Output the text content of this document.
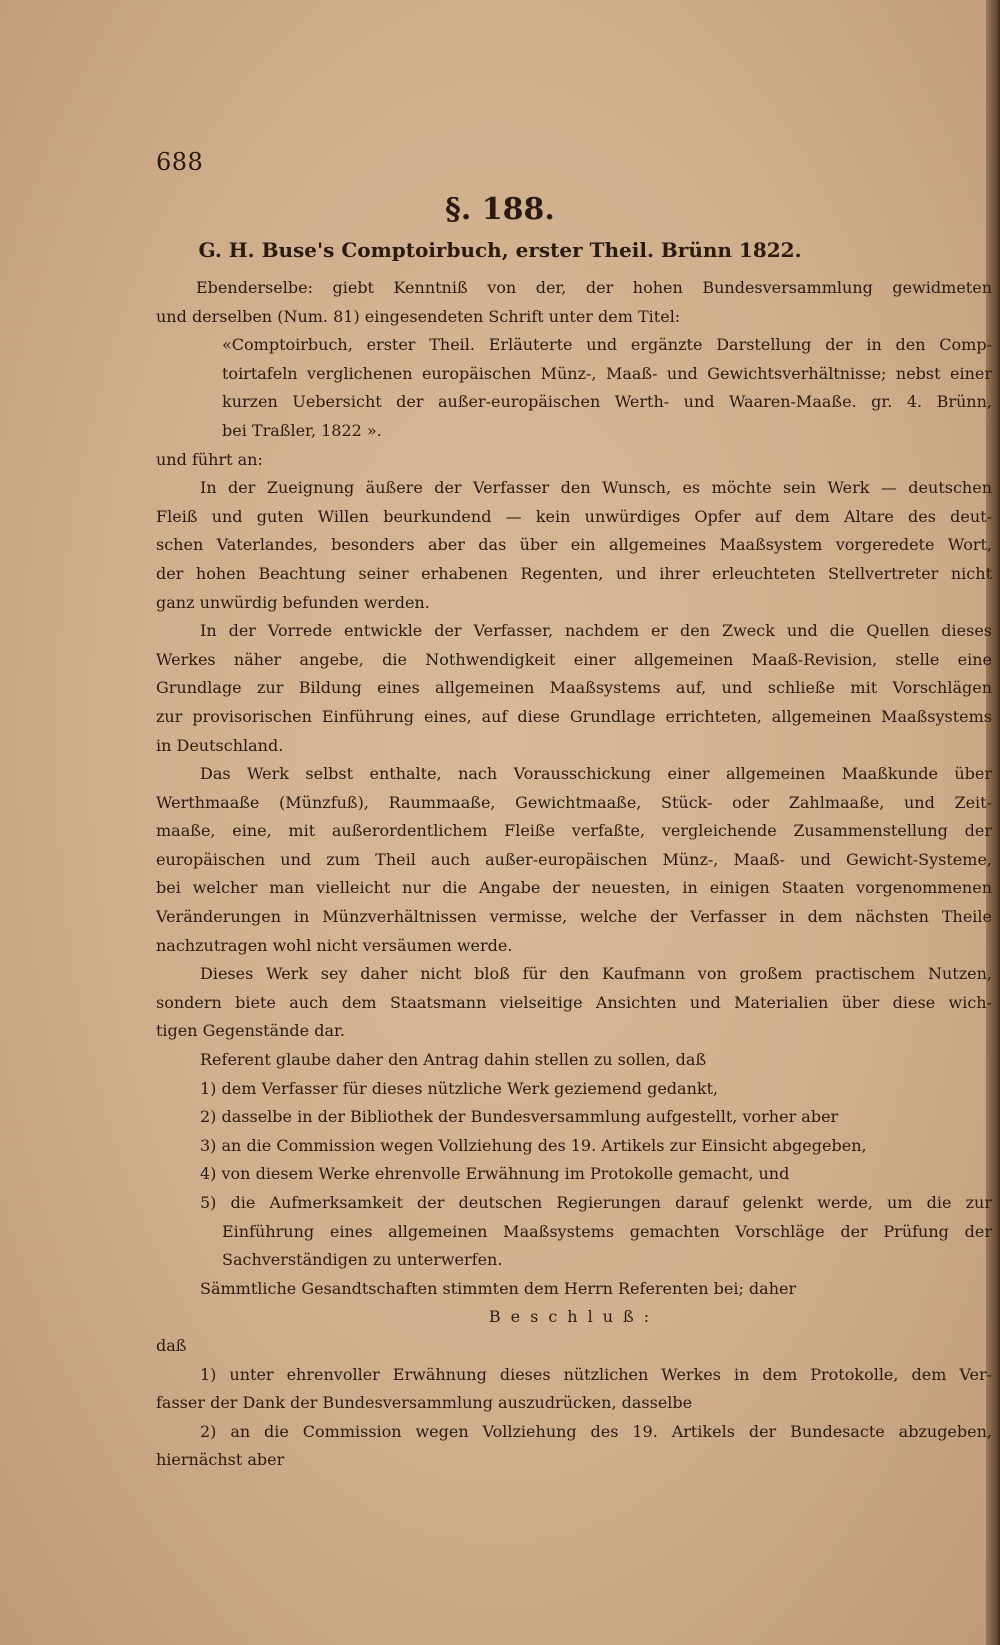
688
§. 188.
G. H. Buse's Comptoirbuch, erster Theil. Brünn 1822.
Ebenderselbe: giebt Kenntniß von der, der hohen Bundesversammlung gewidmeten
und derselben (Num. 81) eingesendeten Schrift unter dem Titel:
«Comptoirbuch, erster Theil. Erläuterte und ergänzte Darstellung der in den Comp-
toirtafeln verglichenen europäischen Münz-, Maaß- und Gewichtsverhältnisse; nebst einer
kurzen Uebersicht der außer-europäischen Werth- und Waaren-Maaße. gr. 4. Brünn,
bei Traßler, 1822 ».
und führt an:
In der Zueignung äußere der Verfasser den Wunsch, es möchte sein Werk — deutschen
Fleiß und guten Willen beurkundend — kein unwürdiges Opfer auf dem Altare des deut-
schen Vaterlandes, besonders aber das über ein allgemeines Maaßsystem vorgeredete Wort,
der hohen Beachtung seiner erhabenen Regenten, und ihrer erleuchteten Stellvertreter nicht
ganz unwürdig befunden werden.
In der Vorrede entwickle der Verfasser, nachdem er den Zweck und die Quellen dieses
Werkes näher angebe, die Nothwendigkeit einer allgemeinen Maaß-Revision, stelle eine
Grundlage zur Bildung eines allgemeinen Maaßsystems auf, und schließe mit Vorschlägen
zur provisorischen Einführung eines, auf diese Grundlage errichteten, allgemeinen Maaßsystems
in Deutschland.
Das Werk selbst enthalte, nach Vorausschickung einer allgemeinen Maaßkunde über
Werthmaaße (Münzfuß), Raummaaße, Gewichtmaaße, Stück- oder Zahlmaaße, und Zeit-
maaße, eine, mit außerordentlichem Fleiße verfaßte, vergleichende Zusammenstellung der
europäischen und zum Theil auch außer-europäischen Münz-, Maaß- und Gewicht-Systeme,
bei welcher man vielleicht nur die Angabe der neuesten, in einigen Staaten vorgenommenen
Veränderungen in Münzverhältnissen vermisse, welche der Verfasser in dem nächsten Theile
nachzutragen wohl nicht versäumen werde.
Dieses Werk sey daher nicht bloß für den Kaufmann von großem practischem Nutzen,
sondern biete auch dem Staatsmann vielseitige Ansichten und Materialien über diese wich-
tigen Gegenstände dar.
Referent glaube daher den Antrag dahin stellen zu sollen, daß
1) dem Verfasser für dieses nützliche Werk geziemend gedankt,
2) dasselbe in der Bibliothek der Bundesversammlung aufgestellt, vorher aber
3) an die Commission wegen Vollziehung des 19. Artikels zur Einsicht abgegeben,
4) von diesem Werke ehrenvolle Erwähnung im Protokolle gemacht, und
5) die Aufmerksamkeit der deutschen Regierungen darauf gelenkt werde, um die zur
Einführung eines allgemeinen Maaßsystems gemachten Vorschläge der Prüfung der
Sachverständigen zu unterwerfen.
Sämmtliche Gesandtschaften stimmten dem Herrn Referenten bei; daher
Beschluß:
daß
1) unter ehrenvoller Erwähnung dieses nützlichen Werkes in dem Protokolle, dem Ver-
fasser der Dank der Bundesversammlung auszudrücken, dasselbe
2) an die Commission wegen Vollziehung des 19. Artikels der Bundesacte abzugeben,
hiernächst aber
